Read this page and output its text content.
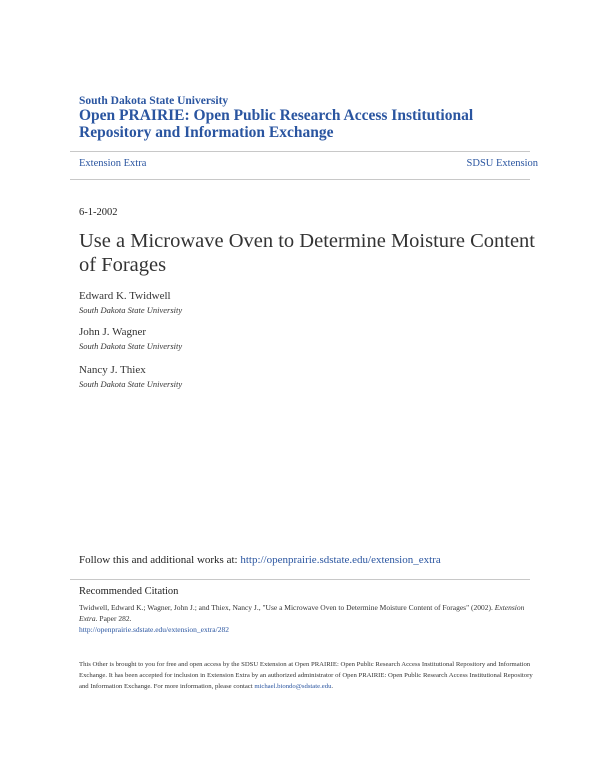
South Dakota State University
Open PRAIRIE: Open Public Research Access Institutional Repository and Information Exchange
Extension Extra	SDSU Extension
6-1-2002
Use a Microwave Oven to Determine Moisture Content of Forages
Edward K. Twidwell
South Dakota State University
John J. Wagner
South Dakota State University
Nancy J. Thiex
South Dakota State University
Follow this and additional works at: http://openprairie.sdstate.edu/extension_extra
Recommended Citation
Twidwell, Edward K.; Wagner, John J.; and Thiex, Nancy J., "Use a Microwave Oven to Determine Moisture Content of Forages" (2002). Extension Extra. Paper 282.
http://openprairie.sdstate.edu/extension_extra/282
This Other is brought to you for free and open access by the SDSU Extension at Open PRAIRIE: Open Public Research Access Institutional Repository and Information Exchange. It has been accepted for inclusion in Extension Extra by an authorized administrator of Open PRAIRIE: Open Public Research Access Institutional Repository and Information Exchange. For more information, please contact michael.biondo@sdstate.edu.
